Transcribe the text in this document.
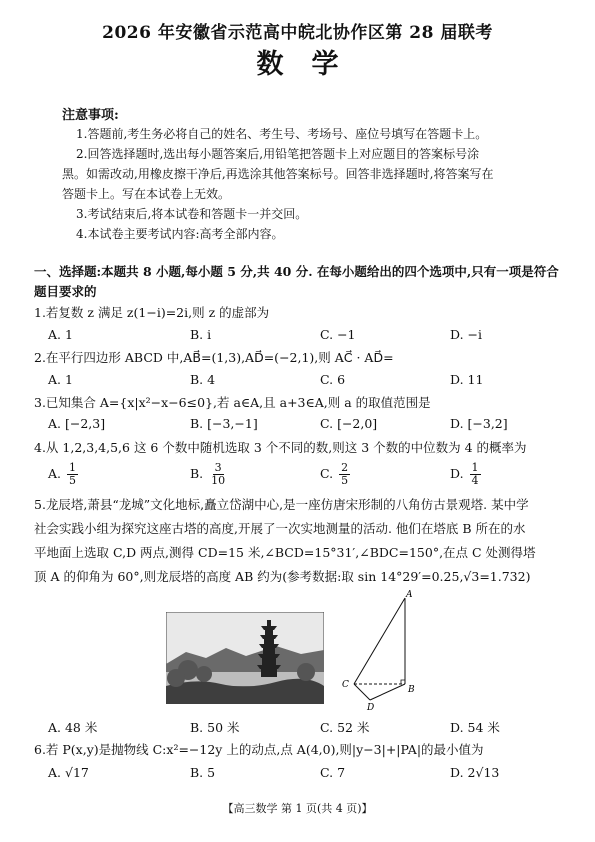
2026 年安徽省示范高中皖北协作区第 28 届联考
数学
注意事项:
1.答题前,考生务必将自己的姓名、考生号、考场号、座位号填写在答题卡上。
2.回答选择题时,选出每小题答案后,用铅笔把答题卡上对应题目的答案标号涂
黑。如需改动,用橡皮擦干净后,再选涂其他答案标号。回答非选择题时,将答案写在
答题卡上。写在本试卷上无效。
3.考试结束后,将本试卷和答题卡一并交回。
4.本试卷主要考试内容:高考全部内容。
一、选择题:本题共 8 小题,每小题 5 分,共 40 分. 在每小题给出的四个选项中,只有一项是符合
题目要求的
1.若复数 z 满足 z(1−i)=2i,则 z 的虚部为
A. 1	B. i	C. −1	D. −i
2.在平行四边形 ABCD 中,AB⃗=(1,3),AD⃗=(−2,1),则 AC⃗ · AD⃗=
A. 1	B. 4	C. 6	D. 11
3.已知集合 A={x|x²−x−6≤0},若 a∈A,且 a+3∈A,则 a 的取值范围是
A. [−2,3]	B. [−3,−1]	C. [−2,0]	D. [−3,2]
4.从 1,2,3,4,5,6 这 6 个数中随机选取 3 个不同的数,则这 3 个数的中位数为 4 的概率为
A. $\frac{1}{5}$	B. $\frac{3}{10}$	C. $\frac{2}{5}$	D. $\frac{1}{4}$
5.龙辰塔,萧县“龙城”文化地标,矗立岱湖中心,是一座仿唐宋形制的八角仿古景观塔. 某中学
社会实践小组为探究这座古塔的高度,开展了一次实地测量的活动. 他们在塔底 B 所在的水
平地面上选取 C,D 两点,测得 CD=15 米,∠BCD=15°31′,∠BDC=150°,在点 C 处测得塔
顶 A 的仰角为 60°,则龙辰塔的高度 AB 约为(参考数据:取 sin 14°29′=0.25,√3=1.732)
A
B
C
D
A. 48 米	B. 50 米	C. 52 米	D. 54 米
6.若 P(x,y)是抛物线 C:x²=−12y 上的动点,点 A(4,0),则|y−3|+|PA|的最小值为
A. √17	B. 5	C. 7	D. 2√13
【高三数学 第 1 页(共 4 页)】
